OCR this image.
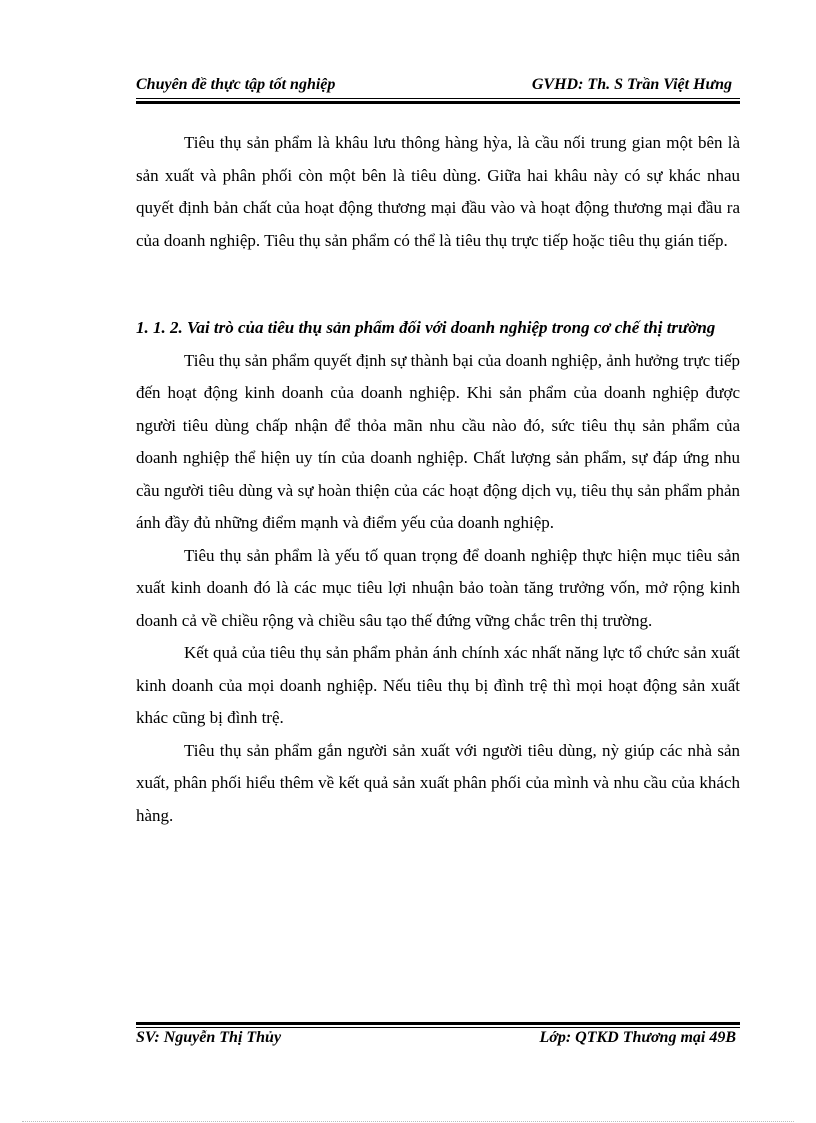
Chuyên đề thực tập tốt nghiệp	GVHD: Th. S Trần Việt Hưng

Tiêu thụ sản phẩm là khâu lưu thông hàng hỳa, là cầu nối trung gian một bên là sản xuất và phân phối còn một bên là tiêu dùng. Giữa hai khâu này có sự khác nhau quyết định bản chất của hoạt động thương mại đầu vào và hoạt động thương mại đầu ra của doanh nghiệp. Tiêu thụ sản phẩm có thể là tiêu thụ trực tiếp hoặc tiêu thụ gián tiếp.

1. 1. 2. Vai trò của tiêu thụ sản phẩm đối với doanh nghiệp trong cơ chế thị trường

Tiêu thụ sản phẩm quyết định sự thành bại của doanh nghiệp, ảnh hưởng trực tiếp đến hoạt động kinh doanh của doanh nghiệp. Khi sản phẩm của doanh nghiệp được người tiêu dùng chấp nhận để thỏa mãn nhu cầu nào đó, sức tiêu thụ sản phẩm của doanh nghiệp thể hiện uy tín của doanh nghiệp. Chất lượng sản phẩm, sự đáp ứng nhu cầu người tiêu dùng và sự hoàn thiện của các hoạt động dịch vụ, tiêu thụ sản phẩm phản ánh đầy đủ những điểm mạnh và điểm yếu của doanh nghiệp.

Tiêu thụ sản phẩm là yếu tố quan trọng để doanh nghiệp thực hiện mục tiêu sản xuất kinh doanh đó là các mục tiêu lợi nhuận bảo toàn tăng trưởng vốn, mở rộng kinh doanh cả về chiều rộng và chiều sâu tạo thế đứng vững chắc trên thị trường.

Kết quả của tiêu thụ sản phẩm phản ánh chính xác nhất năng lực tổ chức sản xuất kinh doanh của mọi doanh nghiệp. Nếu tiêu thụ bị đình trệ thì mọi hoạt động sản xuất khác cũng bị đình trệ.

Tiêu thụ sản phẩm gắn người sản xuất với người tiêu dùng, nỳ giúp các nhà sản xuất, phân phối hiểu thêm về kết quả sản xuất phân phối của mình và nhu cầu của khách hàng.

SV: Nguyễn Thị Thủy	Lớp: QTKD Thương mại 49B
